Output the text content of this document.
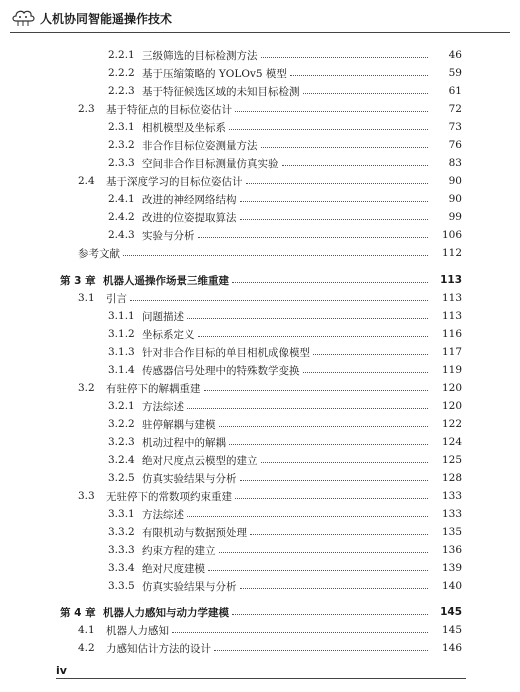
人机协同智能遥操作技术
2.2.1 三级筛选的目标检测方法	46
2.2.2 基于压缩策略的 YOLOv5 模型	59
2.2.3 基于特征候选区域的未知目标检测	61
2.3 基于特征点的目标位姿估计	72
2.3.1 相机模型及坐标系	73
2.3.2 非合作目标位姿测量方法	76
2.3.3 空间非合作目标测量仿真实验	83
2.4 基于深度学习的目标位姿估计	90
2.4.1 改进的神经网络结构	90
2.4.2 改进的位姿提取算法	99
2.4.3 实验与分析	106
参考文献	112
第 3 章 机器人遥操作场景三维重建	113
3.1 引言	113
3.1.1 问题描述	113
3.1.2 坐标系定义	116
3.1.3 针对非合作目标的单目相机成像模型	117
3.1.4 传感器信号处理中的特殊数学变换	119
3.2 有驻停下的解耦重建	120
3.2.1 方法综述	120
3.2.2 驻停解耦与建模	122
3.2.3 机动过程中的解耦	124
3.2.4 绝对尺度点云模型的建立	125
3.2.5 仿真实验结果与分析	128
3.3 无驻停下的常数项约束重建	133
3.3.1 方法综述	133
3.3.2 有限机动与数据预处理	135
3.3.3 约束方程的建立	136
3.3.4 绝对尺度建模	139
3.3.5 仿真实验结果与分析	140
第 4 章 机器人力感知与动力学建模	145
4.1 机器人力感知	145
4.2 力感知估计方法的设计	146
iv
